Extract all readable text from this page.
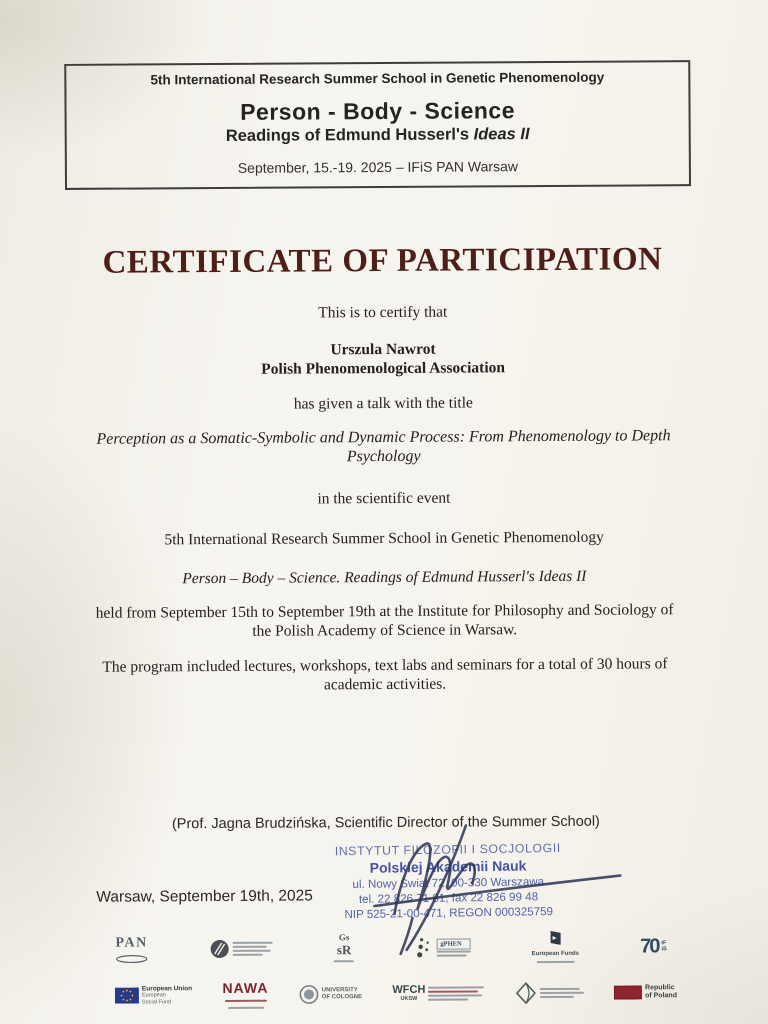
5th International Research Summer School in Genetic Phenomenology
Person - Body - Science
Readings of Edmund Husserl's Ideas II
September, 15.-19. 2025 – IFiS PAN Warsaw
CERTIFICATE OF PARTICIPATION
This is to certify that
Urszula Nawrot
Polish Phenomenological Association
has given a talk with the title
Perception as a Somatic-Symbolic and Dynamic Process: From Phenomenology to Depth
Psychology
in the scientific event
5th International Research Summer School in Genetic Phenomenology
Person – Body – Science. Readings of Edmund Husserl's Ideas II
held from September 15th to September 19th at the Institute for Philosophy and Sociology of
the Polish Academy of Science in Warsaw.
The program included lectures, workshops, text labs and seminars for a total of 30 hours of
academic activities.
(Prof. Jagna Brudzińska, Scientific Director of the Summer School)
INSTYTUT FILOZOFII I SOCJOLOGII
Polskiej Akademii Nauk
ul. Nowy Świat 72, 00-330 Warszawa
tel. 22 826 71 81, fax 22 826 99 48
NIP 525-21-00-471, REGON 000325759
Warsaw, September 19th, 2025
PAN	Gs
sR	gPHEN
European Funds	70 IF
iS
European Union
European
Social Fund
NAWA	UNIVERSITY
OF COLOGNE
WFCH
UKSW
Republic
of Poland
